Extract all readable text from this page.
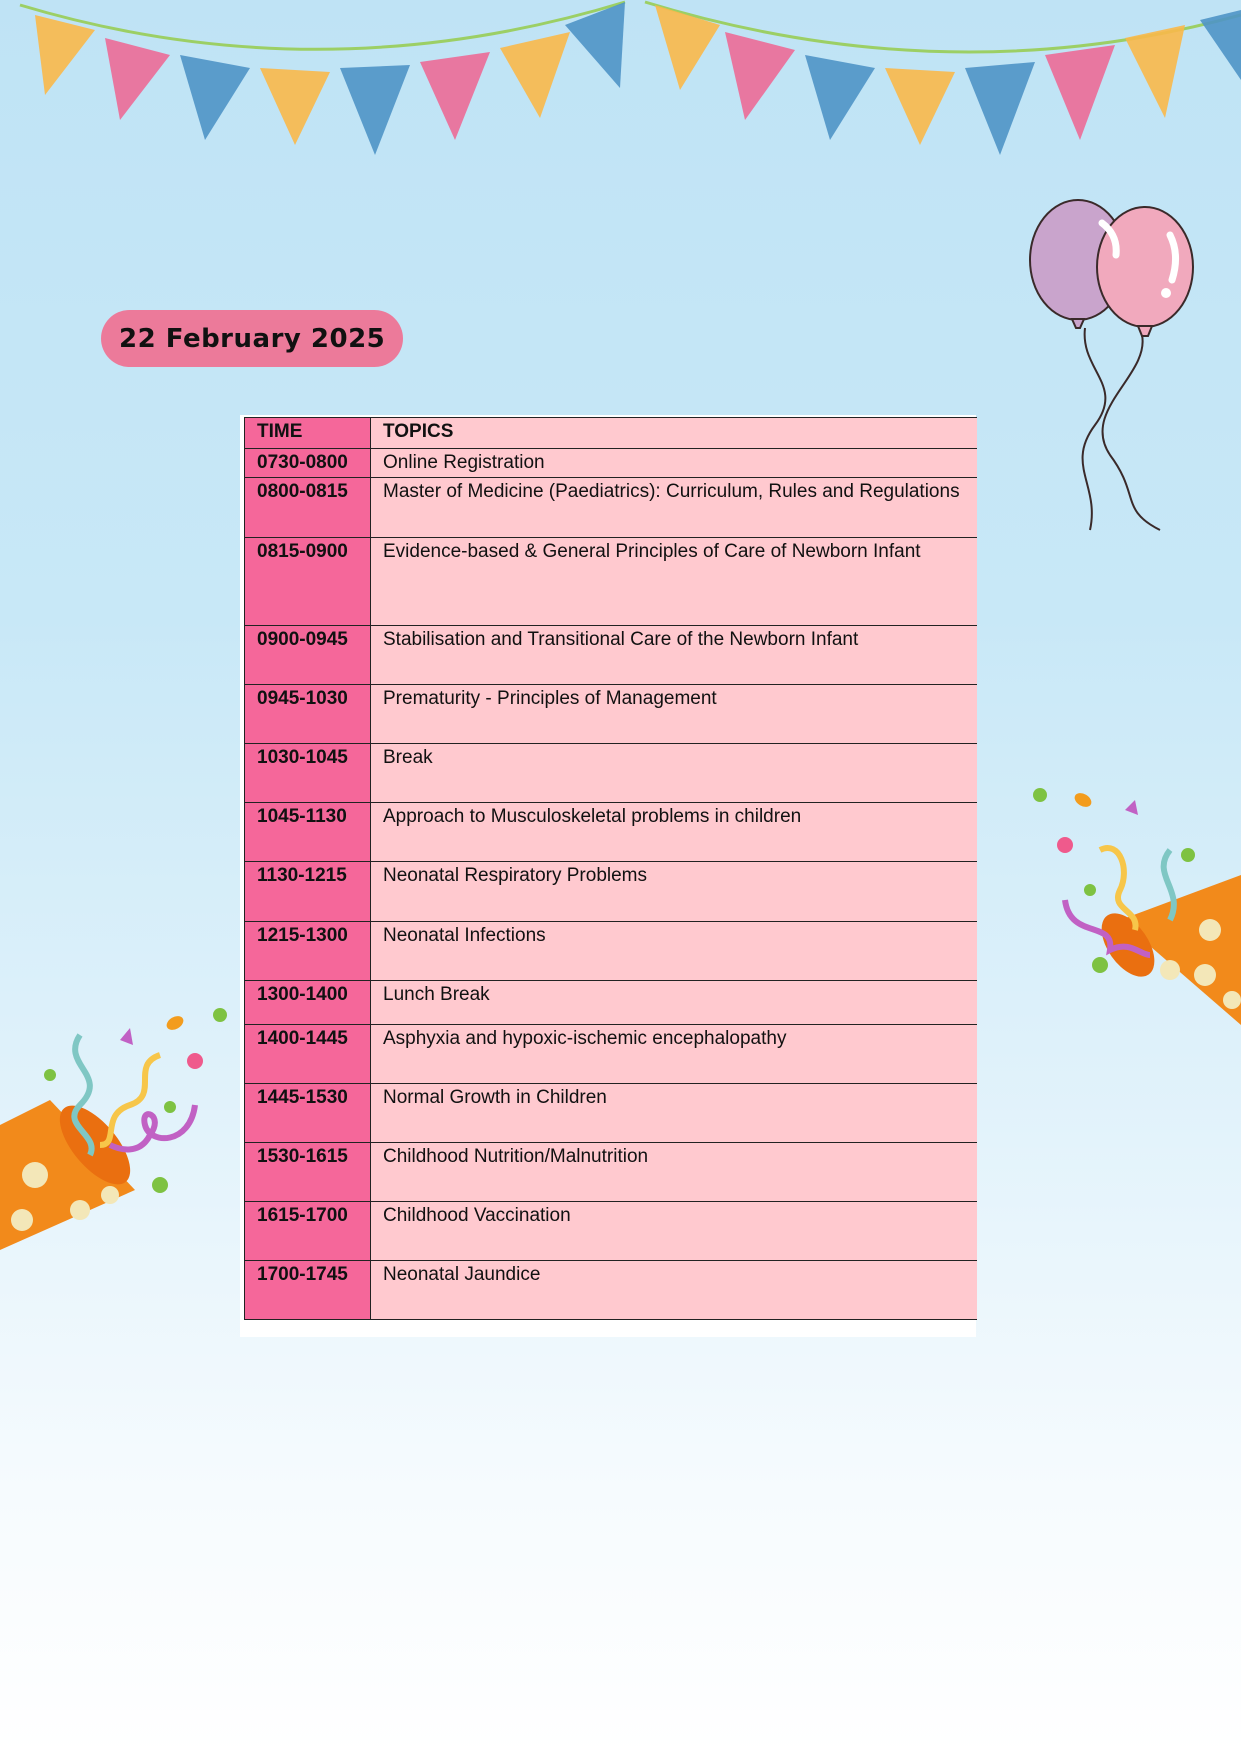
22 February 2025
TIME	TOPICS
0730-0800	Online Registration
0800-0815	Master of Medicine (Paediatrics): Curriculum, Rules and Regulations
0815-0900	Evidence-based & General Principles of Care of Newborn Infant
0900-0945	Stabilisation and Transitional Care of the Newborn Infant
0945-1030	Prematurity - Principles of Management
1030-1045	Break
1045-1130	Approach to Musculoskeletal problems in children
1130-1215	Neonatal Respiratory Problems
1215-1300	Neonatal Infections
1300-1400	Lunch Break
1400-1445	Asphyxia and hypoxic-ischemic encephalopathy
1445-1530	Normal Growth in Children
1530-1615	Childhood Nutrition/Malnutrition
1615-1700	Childhood Vaccination
1700-1745	Neonatal Jaundice
